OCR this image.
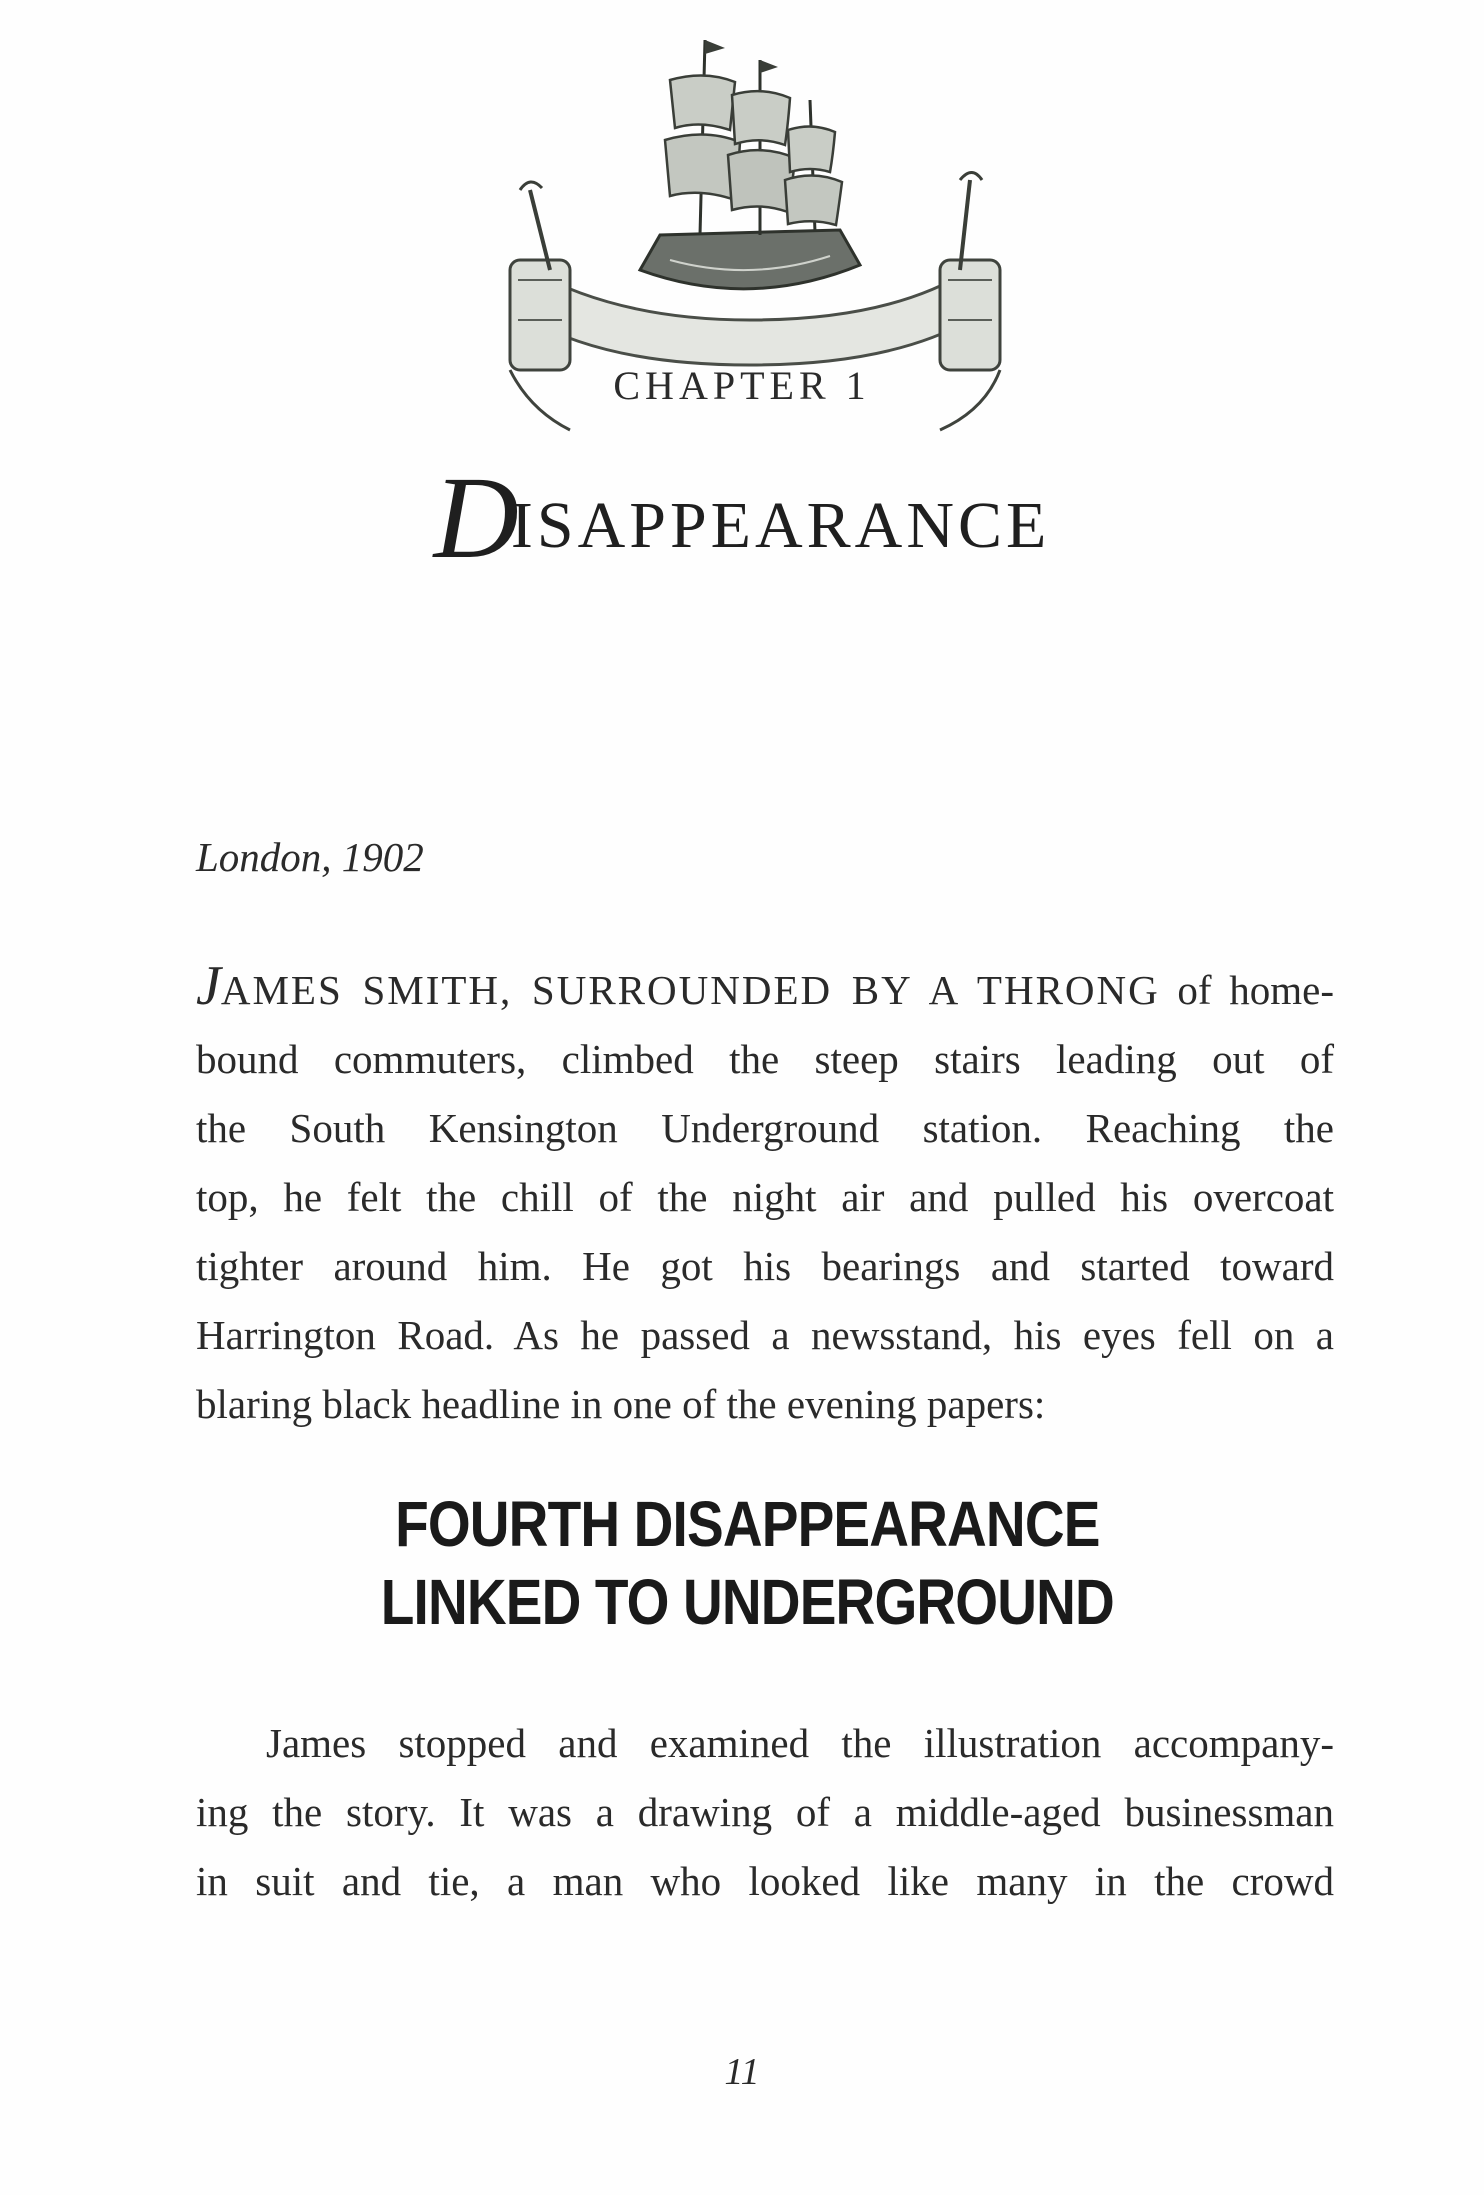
CHAPTER 1
DISAPPEARANCE
London, 1902
JAMES SMITH, SURROUNDED BY A THRONG of home-
bound commuters, climbed the steep stairs leading out of
the South Kensington Underground station. Reaching the
top, he felt the chill of the night air and pulled his overcoat
tighter around him. He got his bearings and started toward
Harrington Road. As he passed a newsstand, his eyes fell on a
blaring black headline in one of the evening papers:
FOURTH DISAPPEARANCE
LINKED TO UNDERGROUND
James stopped and examined the illustration accompany-
ing the story. It was a drawing of a middle-aged businessman
in suit and tie, a man who looked like many in the crowd
11
